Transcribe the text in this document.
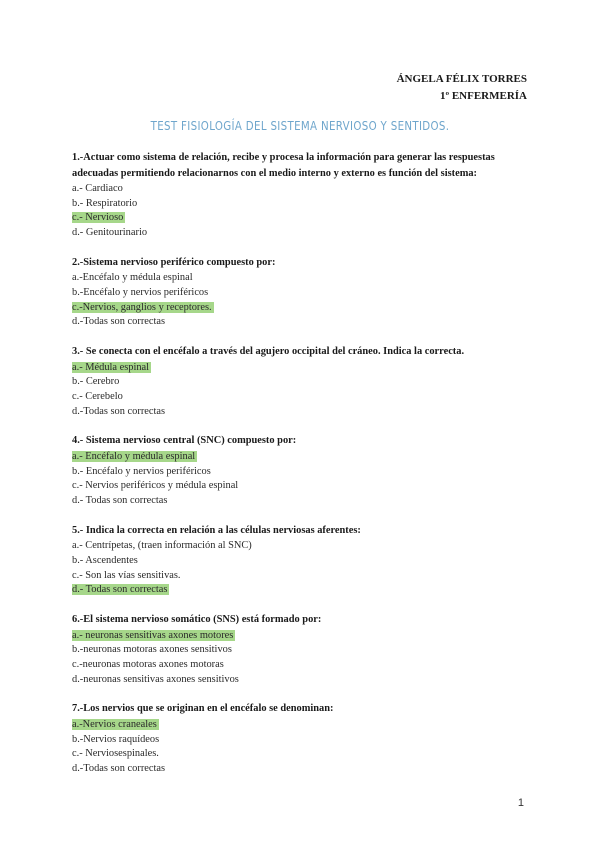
ÁNGELA FÉLIX TORRES
1º ENFERMERÍA
TEST FISIOLOGÍA DEL SISTEMA NERVIOSO Y SENTIDOS.
1.-Actuar como sistema de relación, recibe y procesa la información para generar las respuestas adecuadas permitiendo relacionarnos con el medio interno y externo es función del sistema:
a.- Cardiaco
b.- Respiratorio
c.- Nervioso
d.- Genitourinario
2.-Sistema nervioso periférico compuesto por:
a.-Encéfalo y médula espinal
b.-Encéfalo y nervios periféricos
c.-Nervios, ganglios y receptores.
d.-Todas son correctas
3.- Se conecta con el encéfalo a través del agujero occipital del cráneo. Indica la correcta.
a.- Médula espinal
b.- Cerebro
c.- Cerebelo
d.-Todas son correctas
4.- Sistema nervioso central (SNC) compuesto por:
a.- Encéfalo y médula espinal
b.- Encéfalo y nervios periféricos
c.- Nervios periféricos y médula espinal
d.- Todas son correctas
5.- Indica la correcta en relación a las células nerviosas aferentes:
a.- Centrípetas, (traen información al SNC)
b.- Ascendentes
c.- Son las vías sensitivas.
d.- Todas son correctas
6.-El sistema nervioso somático (SNS) está formado por:
a.- neuronas sensitivas axones motores
b.-neuronas motoras axones sensitivos
c.-neuronas motoras axones motoras
d.-neuronas sensitivas axones sensitivos
7.-Los nervios que se originan en el encéfalo se denominan:
a.-Nervios craneales
b.-Nervios raquídeos
c.- Nerviosespinales.
d.-Todas son correctas
1
